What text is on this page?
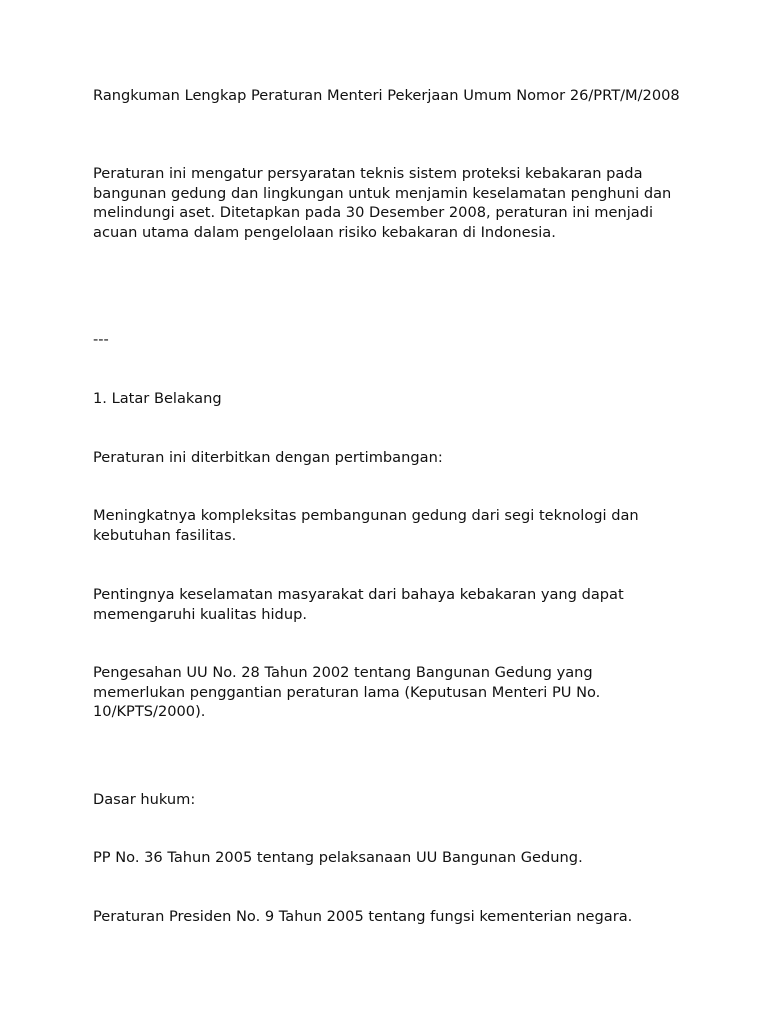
Rangkuman Lengkap Peraturan Menteri Pekerjaan Umum Nomor 26/PRT/M/2008

Peraturan ini mengatur persyaratan teknis sistem proteksi kebakaran pada bangunan gedung dan lingkungan untuk menjamin keselamatan penghuni dan melindungi aset. Ditetapkan pada 30 Desember 2008, peraturan ini menjadi acuan utama dalam pengelolaan risiko kebakaran di Indonesia.

---

1. Latar Belakang

Peraturan ini diterbitkan dengan pertimbangan:

Meningkatnya kompleksitas pembangunan gedung dari segi teknologi dan kebutuhan fasilitas.

Pentingnya keselamatan masyarakat dari bahaya kebakaran yang dapat memengaruhi kualitas hidup.

Pengesahan UU No. 28 Tahun 2002 tentang Bangunan Gedung yang memerlukan penggantian peraturan lama (Keputusan Menteri PU No. 10/KPTS/2000).

Dasar hukum:

PP No. 36 Tahun 2005 tentang pelaksanaan UU Bangunan Gedung.

Peraturan Presiden No. 9 Tahun 2005 tentang fungsi kementerian negara.
